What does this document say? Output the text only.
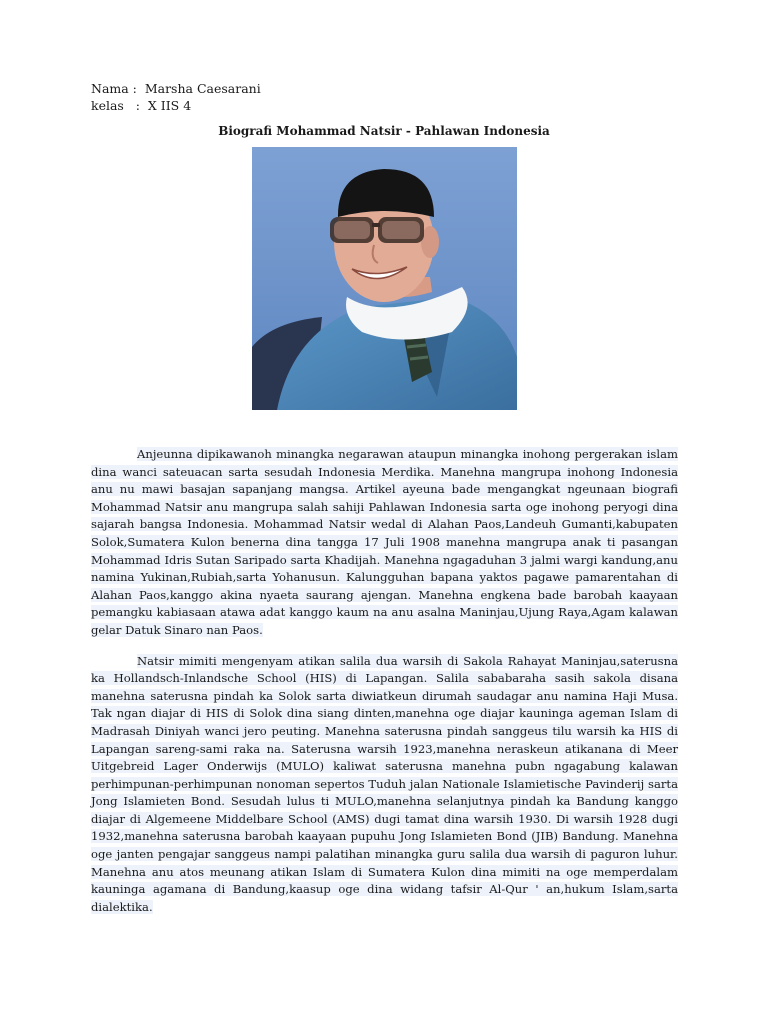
Nama :  Marsha Caesarani
kelas   :  X IIS 4
Biografi Mohammad Natsir - Pahlawan Indonesia

Anjeunna dipikawanoh minangka negarawan ataupun minangka inohong pergerakan islam dina wanci sateuacan sarta sesudah Indonesia Merdika. Manehna mangrupa inohong Indonesia anu nu mawi basajan sapanjang mangsa. Artikel ayeuna bade mengangkat ngeunaan biografi Mohammad Natsir anu mangrupa salah sahiji Pahlawan Indonesia sarta oge inohong peryogi dina sajarah bangsa Indonesia. Mohammad Natsir wedal di Alahan Paos,Landeuh Gumanti,kabupaten Solok,Sumatera Kulon benerna dina tangga 17 Juli 1908 manehna mangrupa anak ti pasangan Mohammad Idris Sutan Saripado sarta Khadijah. Manehna ngagaduhan 3 jalmi wargi kandung,anu namina Yukinan,Rubiah,sarta Yohanusun. Kalungguhan bapana yaktos pagawe pamarentahan di Alahan Paos,kanggo akina nyaeta saurang ajengan. Manehna engkena bade barobah kaayaan pemangku kabiasaan atawa adat kanggo kaum na anu asalna Maninjau,Ujung Raya,Agam kalawan gelar Datuk Sinaro nan Paos.

Natsir mimiti mengenyam atikan salila dua warsih di Sakola Rahayat Maninjau,saterusna ka Hollandsch-Inlandsche School (HIS) di Lapangan. Salila sababaraha sasih sakola disana manehna saterusna pindah ka Solok sarta diwiatkeun dirumah saudagar anu namina Haji Musa. Tak ngan diajar di HIS di Solok dina siang dinten,manehna oge diajar kauninga ageman Islam di Madrasah Diniyah wanci jero peuting. Manehna saterusna pindah sanggeus tilu warsih ka HIS di Lapangan sareng-sami raka na. Saterusna warsih 1923,manehna neraskeun atikanana di Meer Uitgebreid Lager Onderwijs (MULO) kaliwat saterusna manehna pubn ngagabung kalawan perhimpunan-perhimpunan nonoman sepertos Tuduh jalan Nationale Islamietische Pavinderij sarta Jong Islamieten Bond. Sesudah lulus ti MULO,manehna selanjutnya pindah ka Bandung kanggo diajar di Algemeene Middelbare School (AMS) dugi tamat dina warsih 1930. Di warsih 1928 dugi 1932,manehna saterusna barobah kaayaan pupuhu Jong Islamieten Bond (JIB) Bandung. Manehna oge janten pengajar sanggeus nampi palatihan minangka guru salila dua warsih di paguron luhur. Manehna anu atos meunang atikan Islam di Sumatera Kulon dina mimiti na oge memperdalam kauninga agamana di Bandung,kaasup oge dina widang tafsir Al-Qur ' an,hukum Islam,sarta dialektika.
